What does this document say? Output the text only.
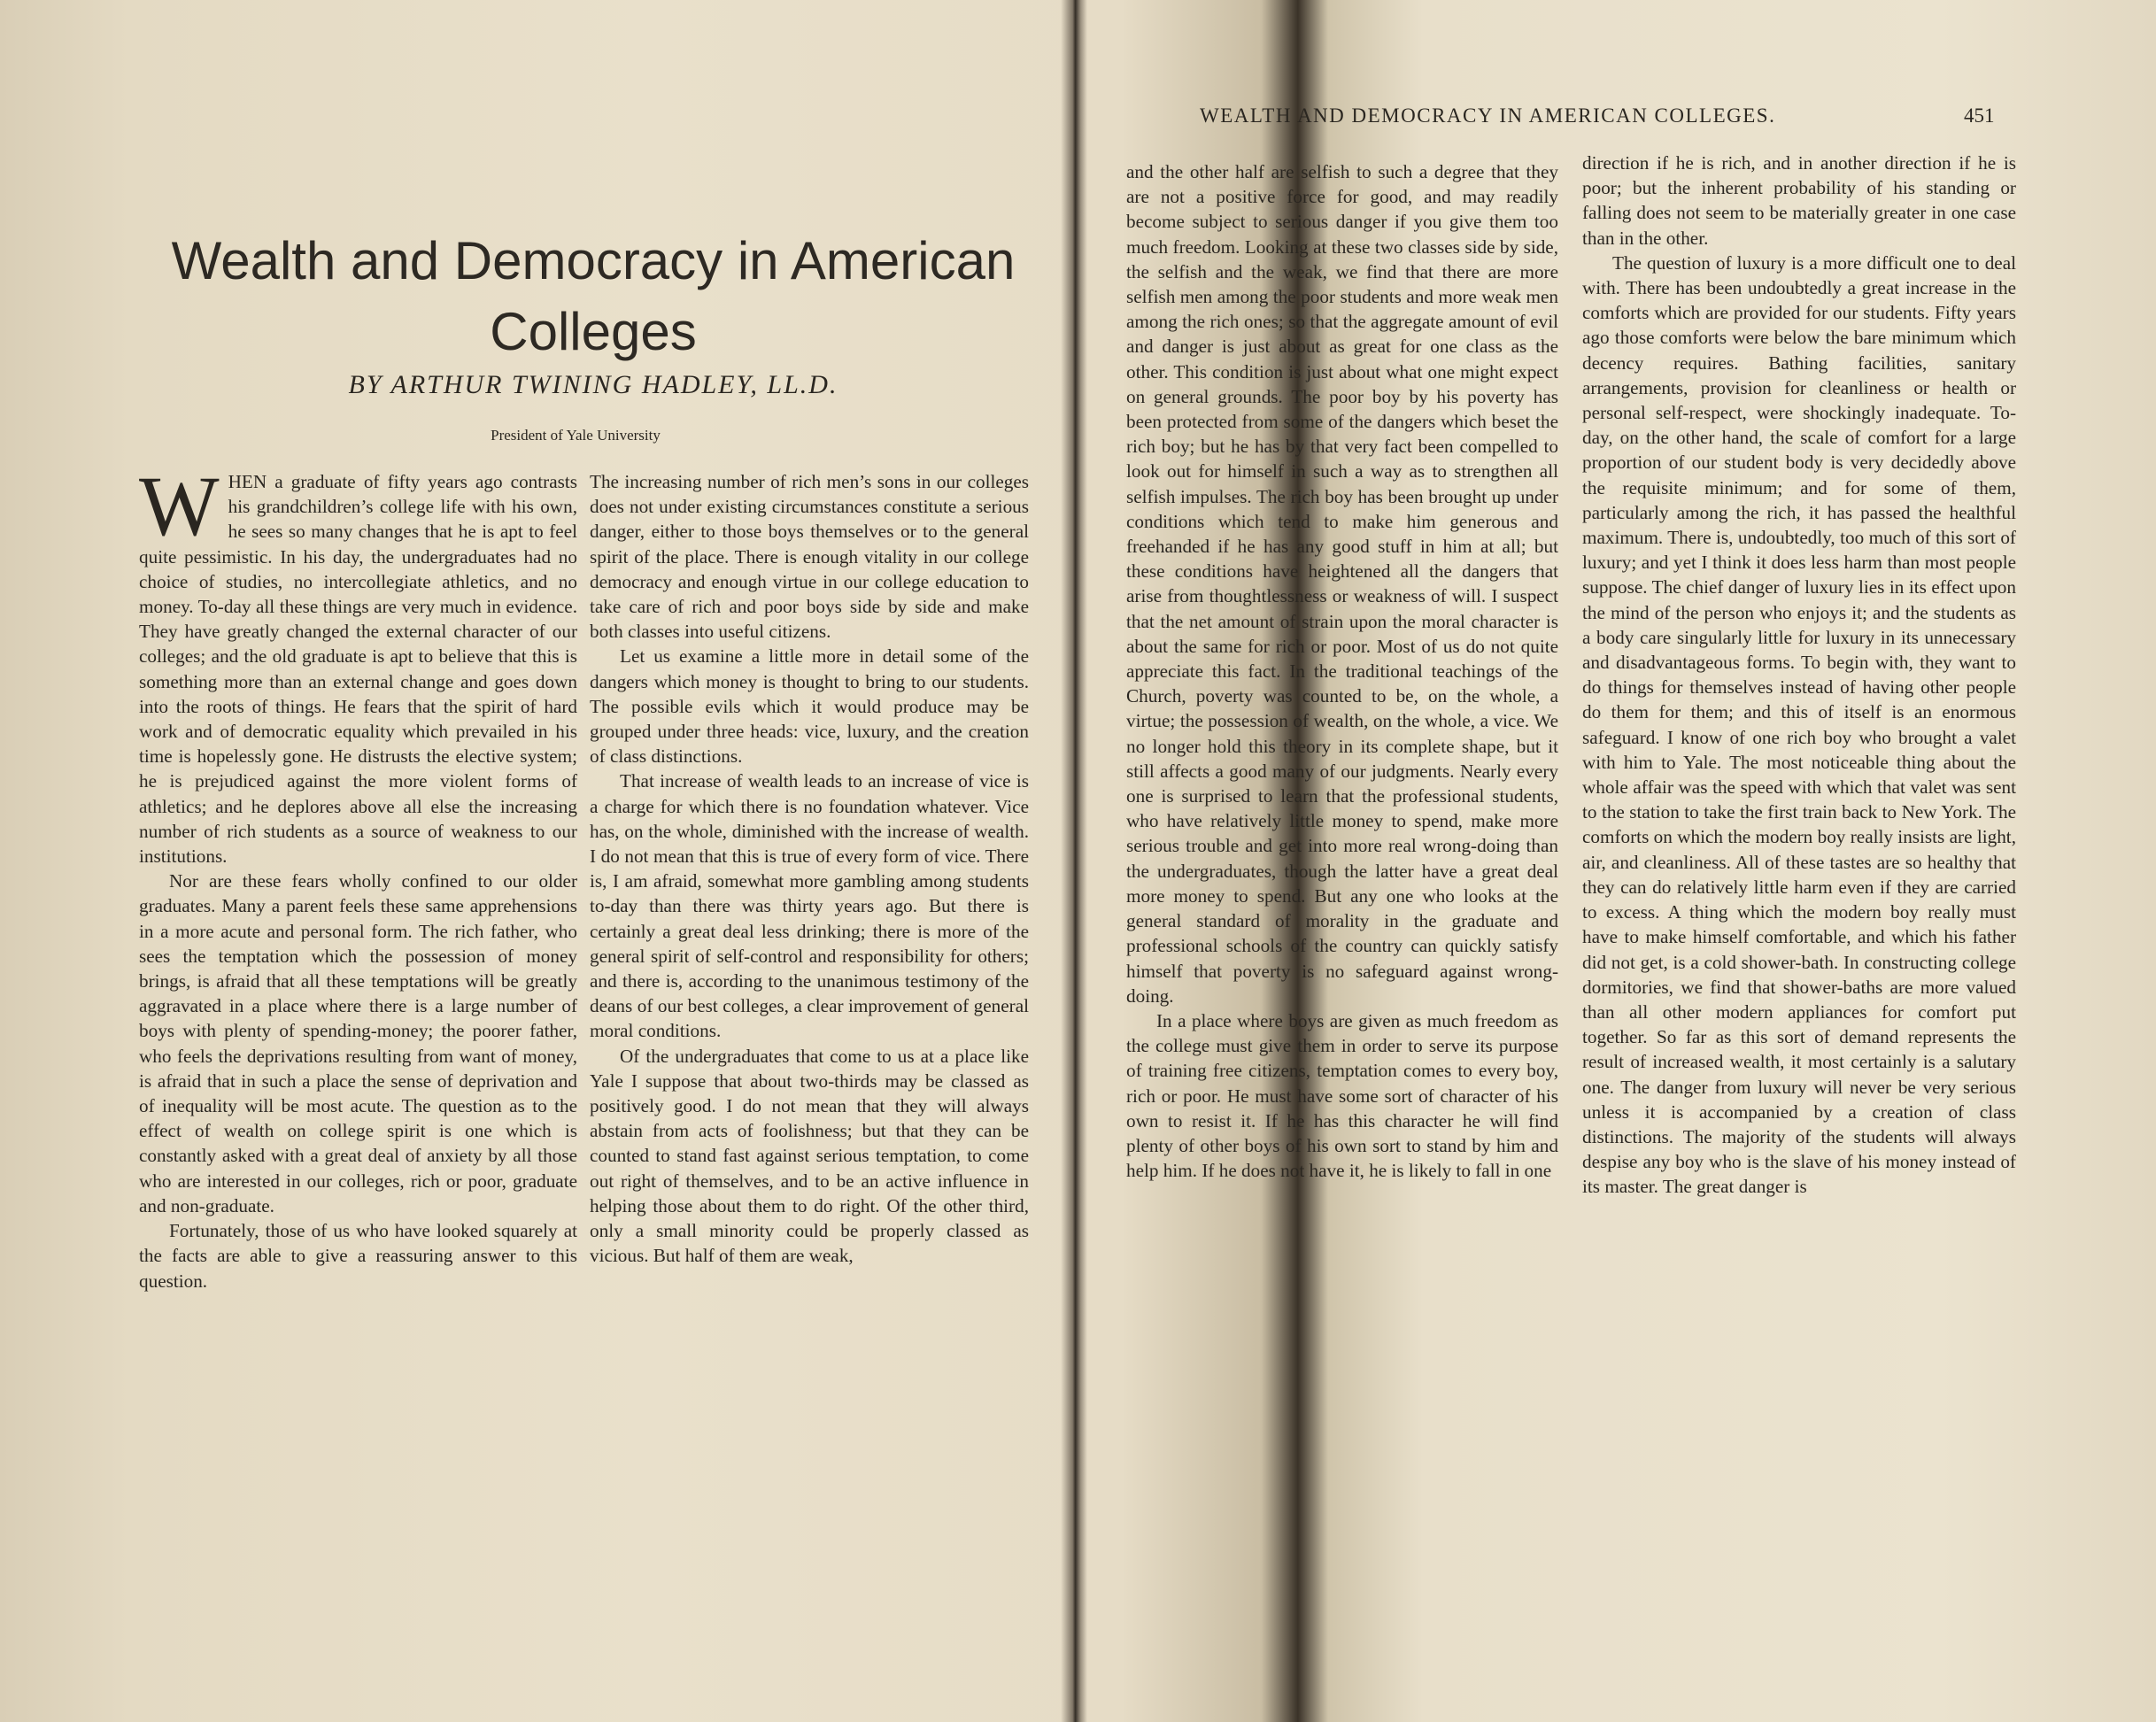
Wealth and Democracy in American Colleges

BY ARTHUR TWINING HADLEY, LL.D.

President of Yale University

WHEN a graduate of fifty years ago contrasts his grandchildren’s college life with his own, he sees so many changes that he is apt to feel quite pessimistic. In his day, the undergraduates had no choice of studies, no intercollegiate athletics, and no money. To-day all these things are very much in evidence. They have greatly changed the external character of our colleges; and the old graduate is apt to believe that this is something more than an external change and goes down into the roots of things. He fears that the spirit of hard work and of democratic equality which prevailed in his time is hopelessly gone. He distrusts the elective system; he is prejudiced against the more violent forms of athletics; and he deplores above all else the increasing number of rich students as a source of weakness to our institutions.

Nor are these fears wholly confined to our older graduates. Many a parent feels these same apprehensions in a more acute and personal form. The rich father, who sees the temptation which the possession of money brings, is afraid that all these temptations will be greatly aggravated in a place where there is a large number of boys with plenty of spending-money; the poorer father, who feels the deprivations resulting from want of money, is afraid that in such a place the sense of deprivation and of inequality will be most acute. The question as to the effect of wealth on college spirit is one which is constantly asked with a great deal of anxiety by all those who are interested in our colleges, rich or poor, graduate and non-graduate.

Fortunately, those of us who have looked squarely at the facts are able to give a reassuring answer to this question.

The increasing number of rich men’s sons in our colleges does not under existing circumstances constitute a serious danger, either to those boys themselves or to the general spirit of the place. There is enough vitality in our college democracy and enough virtue in our college education to take care of rich and poor boys side by side and make both classes into useful citizens.

Let us examine a little more in detail some of the dangers which money is thought to bring to our students. The possible evils which it would produce may be grouped under three heads: vice, luxury, and the creation of class distinctions.

That increase of wealth leads to an increase of vice is a charge for which there is no foundation whatever. Vice has, on the whole, diminished with the increase of wealth. I do not mean that this is true of every form of vice. There is, I am afraid, somewhat more gambling among students to-day than there was thirty years ago. But there is certainly a great deal less drinking; there is more of the general spirit of self-control and responsibility for others; and there is, according to the unanimous testimony of the deans of our best colleges, a clear improvement of general moral conditions.

Of the undergraduates that come to us at a place like Yale I suppose that about two-thirds may be classed as positively good. I do not mean that they will always abstain from acts of foolishness; but that they can be counted to stand fast against serious temptation, to come out right of themselves, and to be an active influence in helping those about them to do right. Of the other third, only a small minority could be properly classed as vicious. But half of them are weak,

WEALTH AND DEMOCRACY IN AMERICAN COLLEGES.	451

and the other half are selfish to such a degree that they are not a positive force for good, and may readily become subject to serious danger if you give them too much freedom. Looking at these two classes side by side, the selfish and the weak, we find that there are more selfish men among the poor students and more weak men among the rich ones; so that the aggregate amount of evil and danger is just about as great for one class as the other. This condition is just about what one might expect on general grounds. The poor boy by his poverty has been protected from some of the dangers which beset the rich boy; but he has by that very fact been compelled to look out for himself in such a way as to strengthen all selfish impulses. The rich boy has been brought up under conditions which tend to make him generous and freehanded if he has any good stuff in him at all; but these conditions have heightened all the dangers that arise from thoughtlessness or weakness of will. I suspect that the net amount of strain upon the moral character is about the same for rich or poor. Most of us do not quite appreciate this fact. In the traditional teachings of the Church, poverty was counted to be, on the whole, a virtue; the possession of wealth, on the whole, a vice. We no longer hold this theory in its complete shape, but it still affects a good many of our judgments. Nearly every one is surprised to learn that the professional students, who have relatively little money to spend, make more serious trouble and get into more real wrong-doing than the undergraduates, though the latter have a great deal more money to spend. But any one who looks at the general standard of morality in the graduate and professional schools of the country can quickly satisfy himself that poverty is no safeguard against wrong-doing.

In a place where boys are given as much freedom as the college must give them in order to serve its purpose of training free citizens, temptation comes to every boy, rich or poor. He must have some sort of character of his own to resist it. If he has this character he will find plenty of other boys of his own sort to stand by him and help him. If he does not have it, he is likely to fall in one

direction if he is rich, and in another direction if he is poor; but the inherent probability of his standing or falling does not seem to be materially greater in one case than in the other.

The question of luxury is a more difficult one to deal with. There has been undoubtedly a great increase in the comforts which are provided for our students. Fifty years ago those comforts were below the bare minimum which decency requires. Bathing facilities, sanitary arrangements, provision for cleanliness or health or personal self-respect, were shockingly inadequate. To-day, on the other hand, the scale of comfort for a large proportion of our student body is very decidedly above the requisite minimum; and for some of them, particularly among the rich, it has passed the healthful maximum. There is, undoubtedly, too much of this sort of luxury; and yet I think it does less harm than most people suppose. The chief danger of luxury lies in its effect upon the mind of the person who enjoys it; and the students as a body care singularly little for luxury in its unnecessary and disadvantageous forms. To begin with, they want to do things for themselves instead of having other people do them for them; and this of itself is an enormous safeguard. I know of one rich boy who brought a valet with him to Yale. The most noticeable thing about the whole affair was the speed with which that valet was sent to the station to take the first train back to New York. The comforts on which the modern boy really insists are light, air, and cleanliness. All of these tastes are so healthy that they can do relatively little harm even if they are carried to excess. A thing which the modern boy really must have to make himself comfortable, and which his father did not get, is a cold shower-bath. In constructing college dormitories, we find that shower-baths are more valued than all other modern appliances for comfort put together. So far as this sort of demand represents the result of increased wealth, it most certainly is a salutary one. The danger from luxury will never be very serious unless it is accompanied by a creation of class distinctions. The majority of the students will always despise any boy who is the slave of his money instead of its master. The great danger is
